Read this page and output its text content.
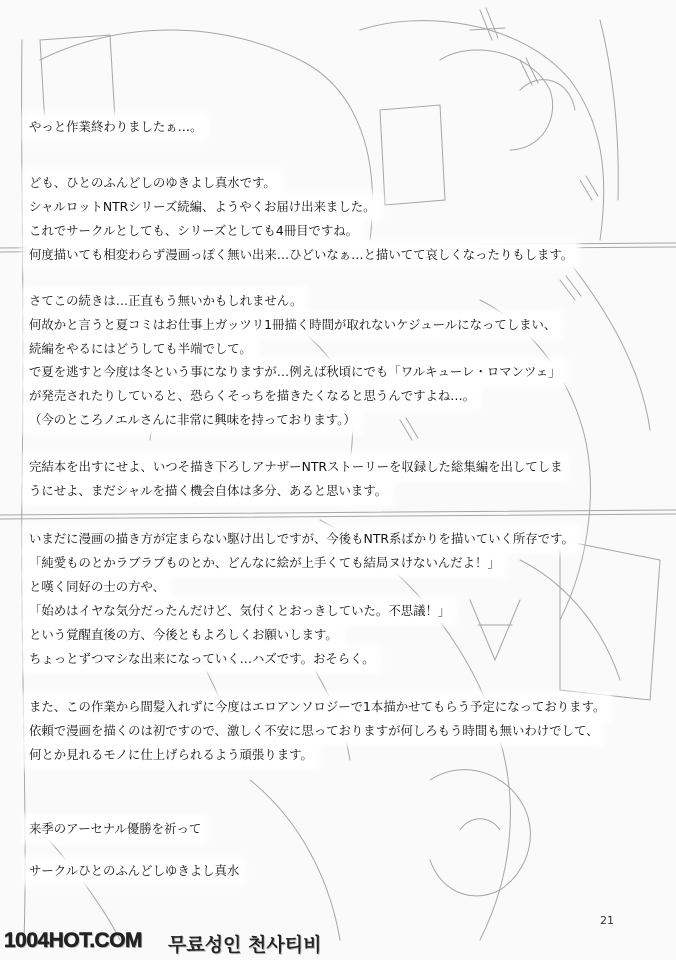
やっと作業終わりましたぁ…。
ども、ひとのふんどしのゆきよし真水です。
シャルロットNTRシリーズ続編、ようやくお届け出来ました。
これでサークルとしても、シリーズとしても4冊目ですね。
何度描いても相変わらず漫画っぽく無い出来…ひどいなぁ…と描いてて哀しくなったりもします。
さてこの続きは…正直もう無いかもしれません。
何故かと言うと夏コミはお仕事上ガッツリ1冊描く時間が取れないケジュールになってしまい、
続編をやるにはどうしても半端でして。
で夏を逃すと今度は冬という事になりますが…例えば秋頃にでも「ワルキューレ・ロマンツェ」
が発売されたりしていると、恐らくそっちを描きたくなると思うんですよね…。
（今のところノエルさんに非常に興味を持っております。）
完結本を出すにせよ、いつそ描き下ろしアナザーNTRストーリーを収録した総集編を出してしま
うにせよ、まだシャルを描く機会自体は多分、あると思います。
いまだに漫画の描き方が定まらない駆け出しですが、今後もNTR系ばかりを描いていく所存です。
「純愛ものとかラブラブものとか、どんなに絵が上手くても結局ヌけないんだよ！」
と嘆く同好の士の方や、
「始めはイヤな気分だったんだけど、気付くとおっきしていた。不思議！」
という覚醒直後の方、今後ともよろしくお願いします。
ちょっとずつマシな出来になっていく…ハズです。おそらく。
また、この作業から間髪入れずに今度はエロアンソロジーで1本描かせてもらう予定になっております。
依頼で漫画を描くのは初ですので、激しく不安に思っておりますが何しろもう時間も無いわけでして、
何とか見れるモノに仕上げられるよう頑張ります。
来季のアーセナル優勝を祈って
サークルひとのふんどしゆきよし真水
21
1004HOT.COM 무료성인 천사티비
